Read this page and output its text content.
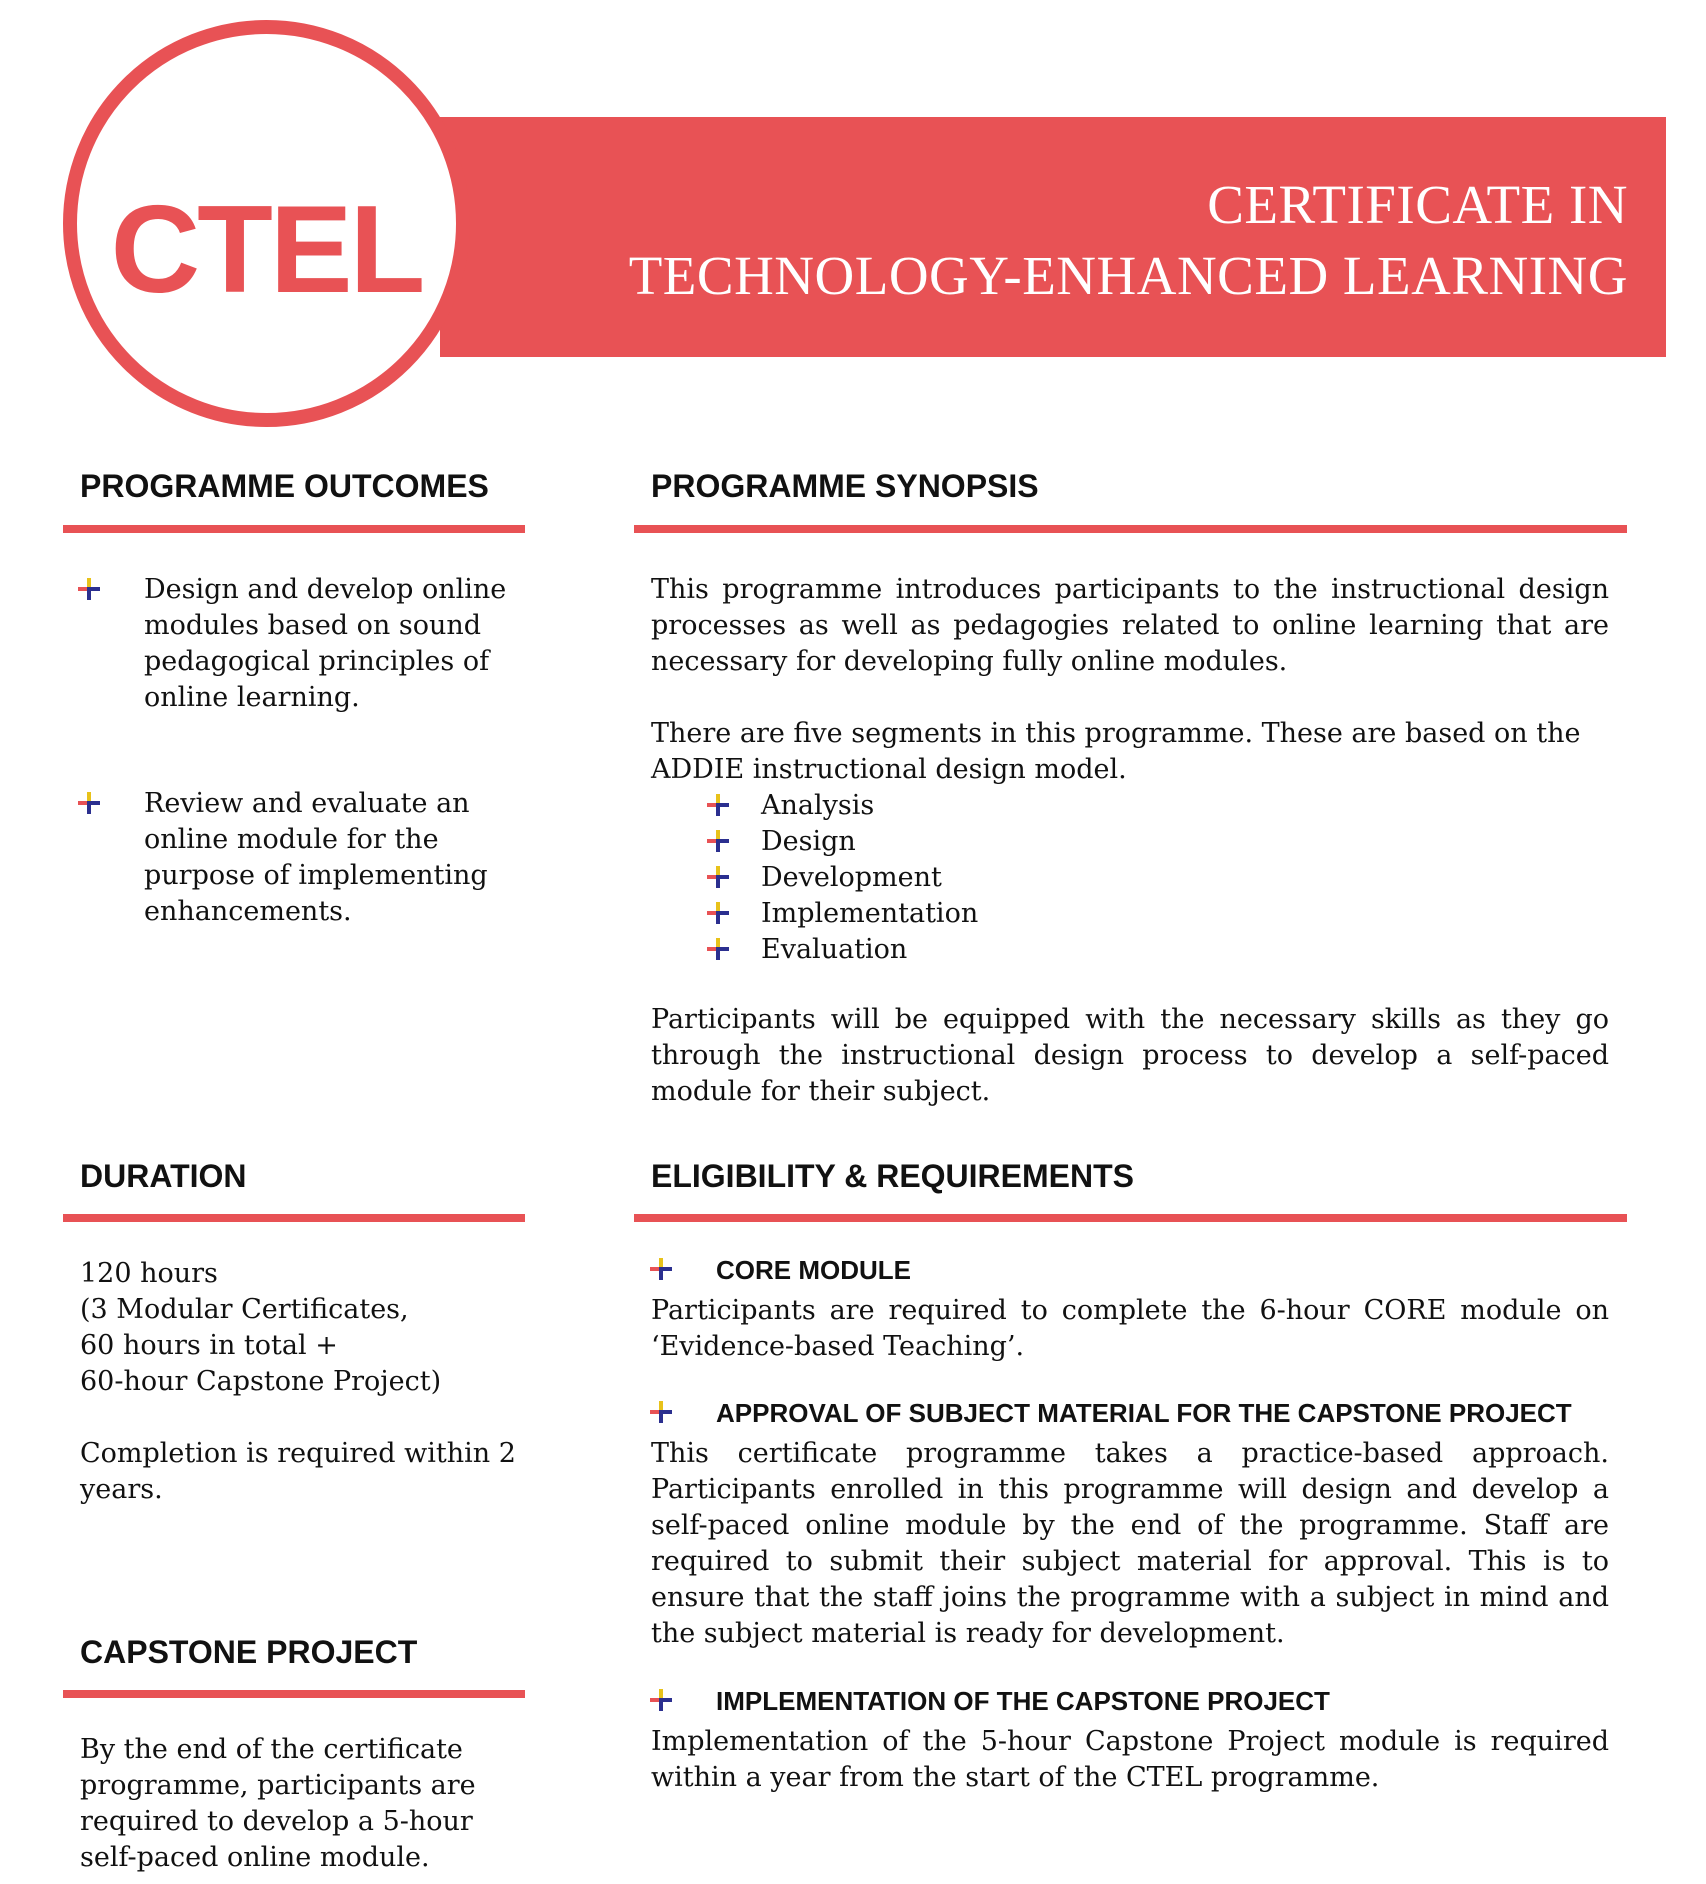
CERTIFICATE IN
TECHNOLOGY-ENHANCED LEARNING
CTEL
PROGRAMME OUTCOMES
Design and develop online modules based on sound pedagogical principles of online learning.
Review and evaluate an online module for the purpose of implementing enhancements.
PROGRAMME SYNOPSIS
This programme introduces participants to the instructional design processes as well as pedagogies related to online learning that are necessary for developing fully online modules.
There are five segments in this programme. These are based on the ADDIE instructional design model.
Analysis
Design
Development
Implementation
Evaluation
Participants will be equipped with the necessary skills as they go through the instructional design process to develop a self-paced module for their subject.
DURATION
120 hours
(3 Modular Certificates,
60 hours in total +
60-hour Capstone Project)
Completion is required within 2 years.
CAPSTONE PROJECT
By the end of the certificate programme, participants are required to develop a 5-hour self-paced online module.
ELIGIBILITY & REQUIREMENTS
CORE MODULE
Participants are required to complete the 6-hour CORE module on ‘Evidence-based Teaching’.
APPROVAL OF SUBJECT MATERIAL FOR THE CAPSTONE PROJECT
This certificate programme takes a practice-based approach. Participants enrolled in this programme will design and develop a self-paced online module by the end of the programme. Staff are required to submit their subject material for approval. This is to ensure that the staff joins the programme with a subject in mind and the subject material is ready for development.
IMPLEMENTATION OF THE CAPSTONE PROJECT
Implementation of the 5-hour Capstone Project module is required within a year from the start of the CTEL programme.
